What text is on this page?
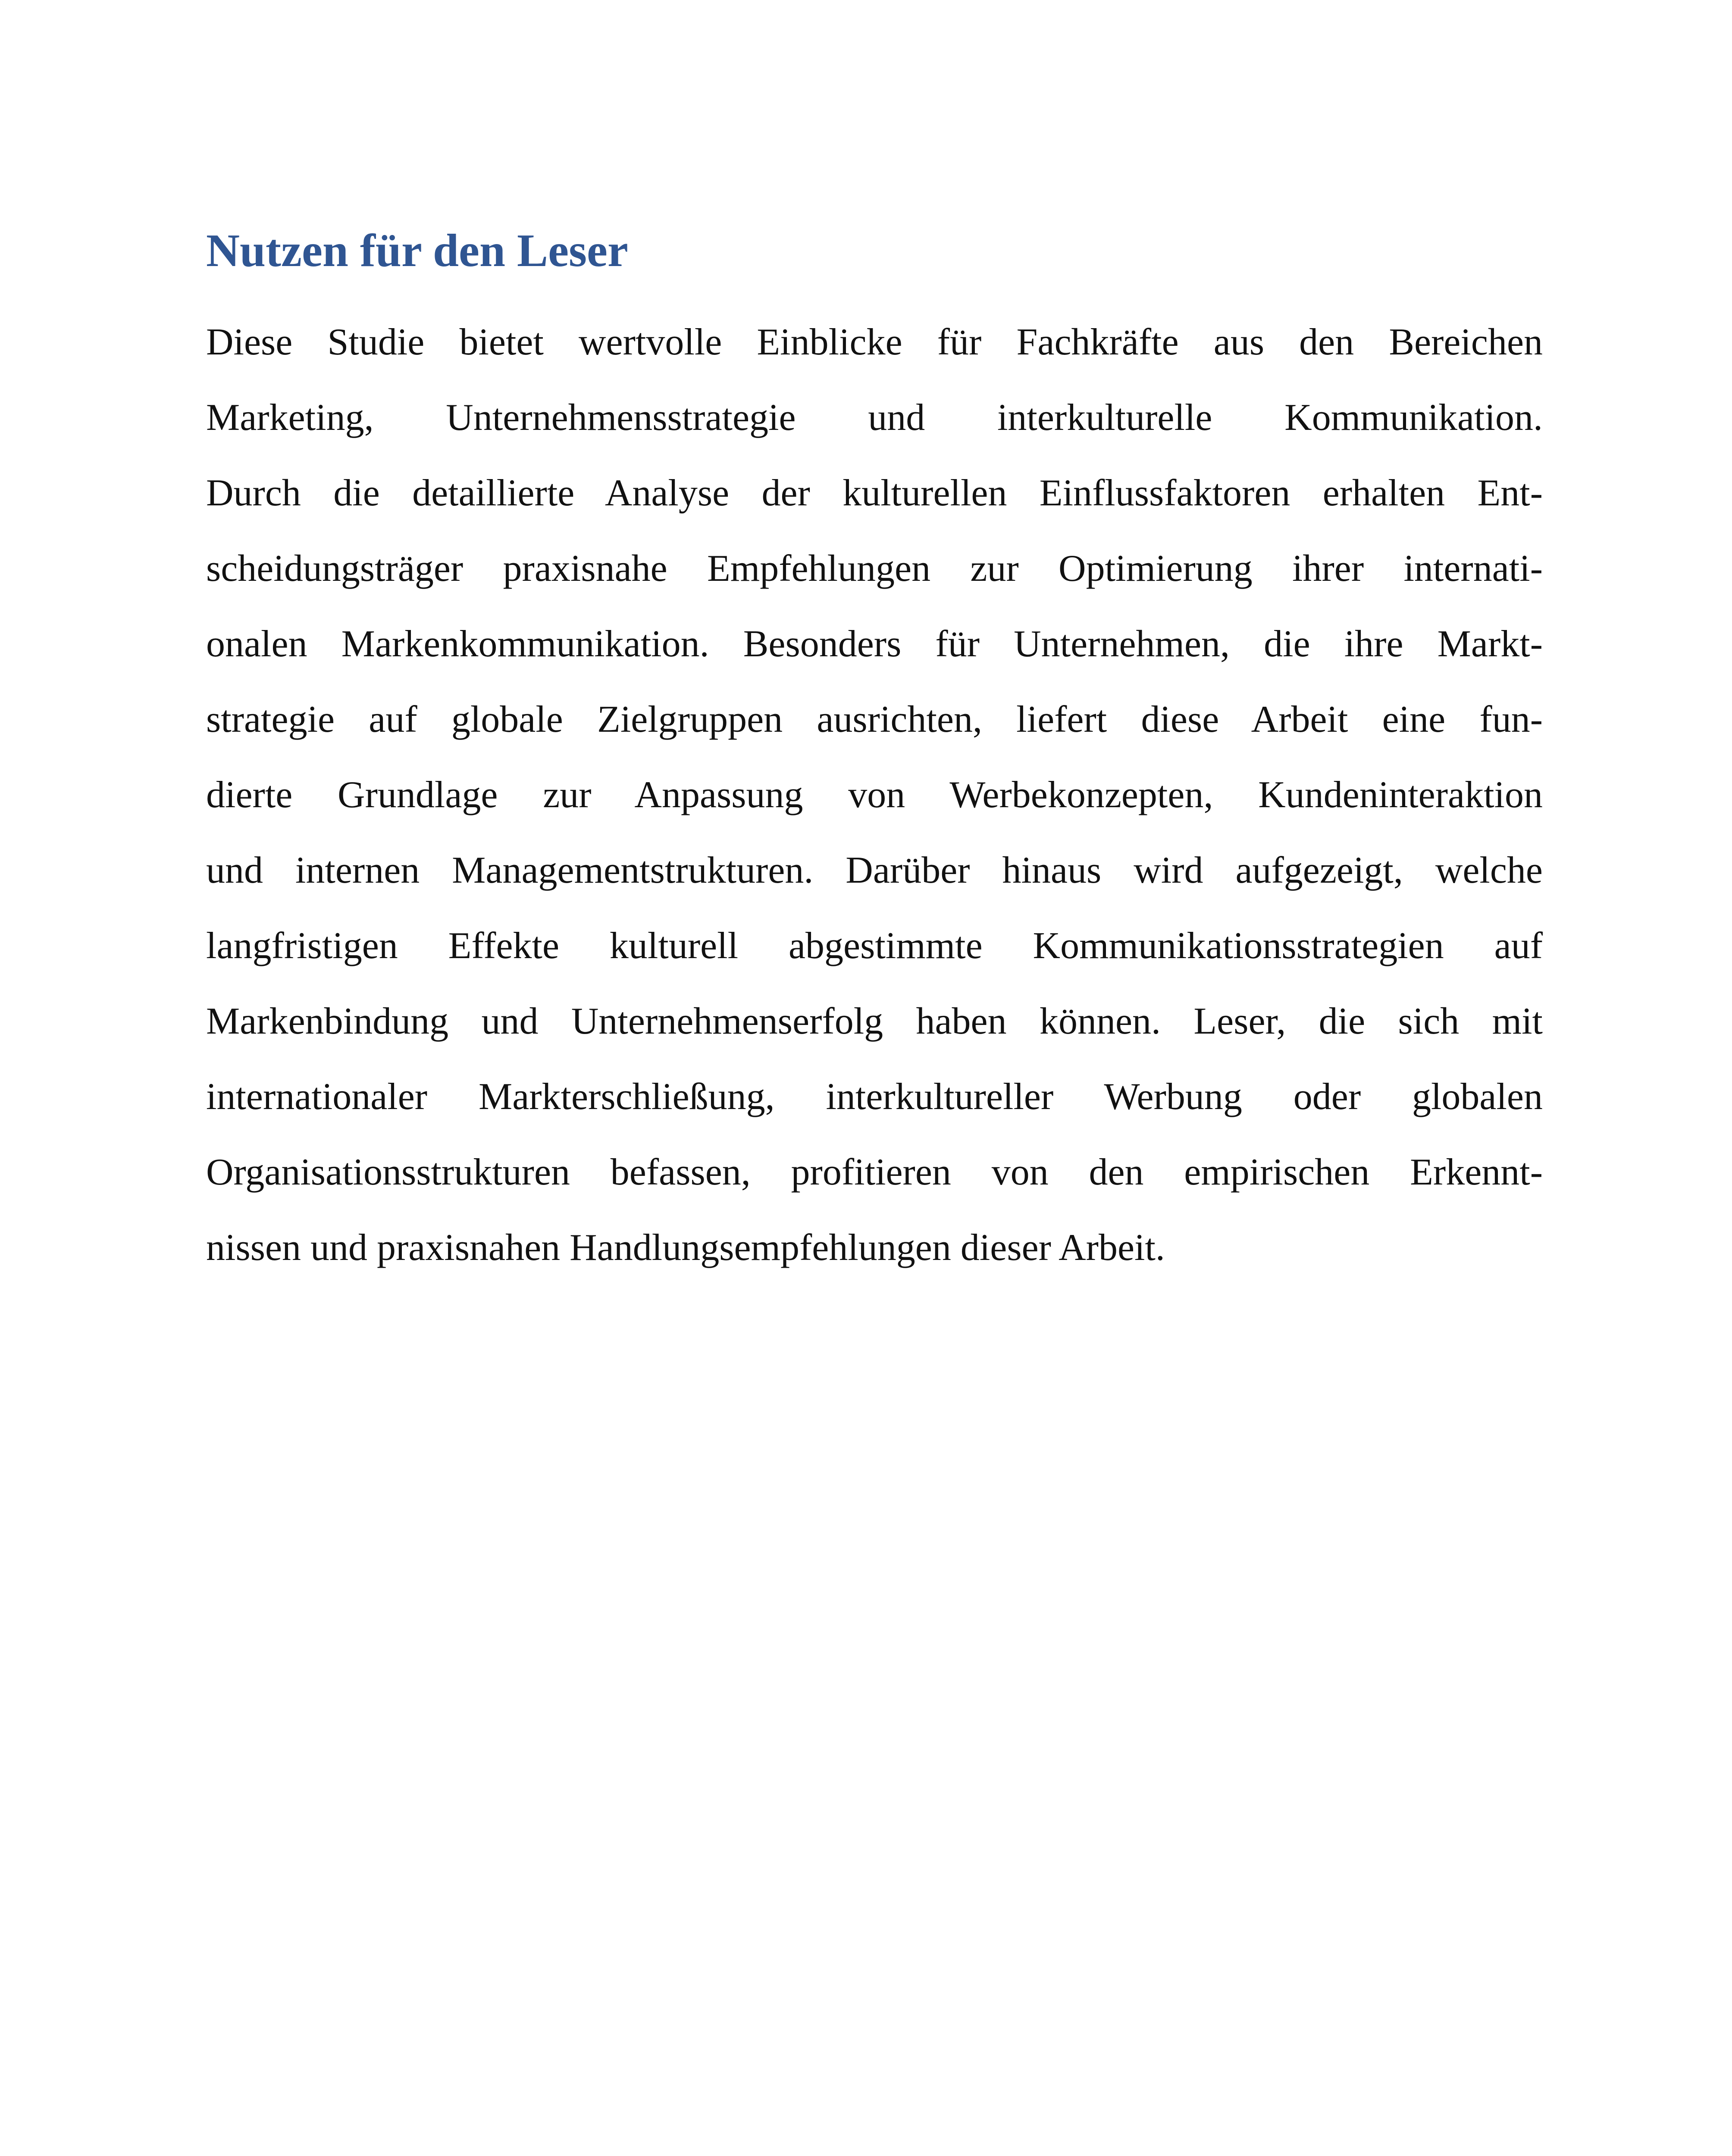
Nutzen für den Leser

Diese Studie bietet wertvolle Einblicke für Fachkräfte aus den Bereichen
Marketing, Unternehmensstrategie und interkulturelle Kommunikation.
Durch die detaillierte Analyse der kulturellen Einflussfaktoren erhalten Ent-
scheidungsträger praxisnahe Empfehlungen zur Optimierung ihrer internati-
onalen Markenkommunikation. Besonders für Unternehmen, die ihre Markt-
strategie auf globale Zielgruppen ausrichten, liefert diese Arbeit eine fun-
dierte Grundlage zur Anpassung von Werbekonzepten, Kundeninteraktion
und internen Managementstrukturen. Darüber hinaus wird aufgezeigt, welche
langfristigen Effekte kulturell abgestimmte Kommunikationsstrategien auf
Markenbindung und Unternehmenserfolg haben können. Leser, die sich mit
internationaler Markterschließung, interkultureller Werbung oder globalen
Organisationsstrukturen befassen, profitieren von den empirischen Erkennt-
nissen und praxisnahen Handlungsempfehlungen dieser Arbeit.
